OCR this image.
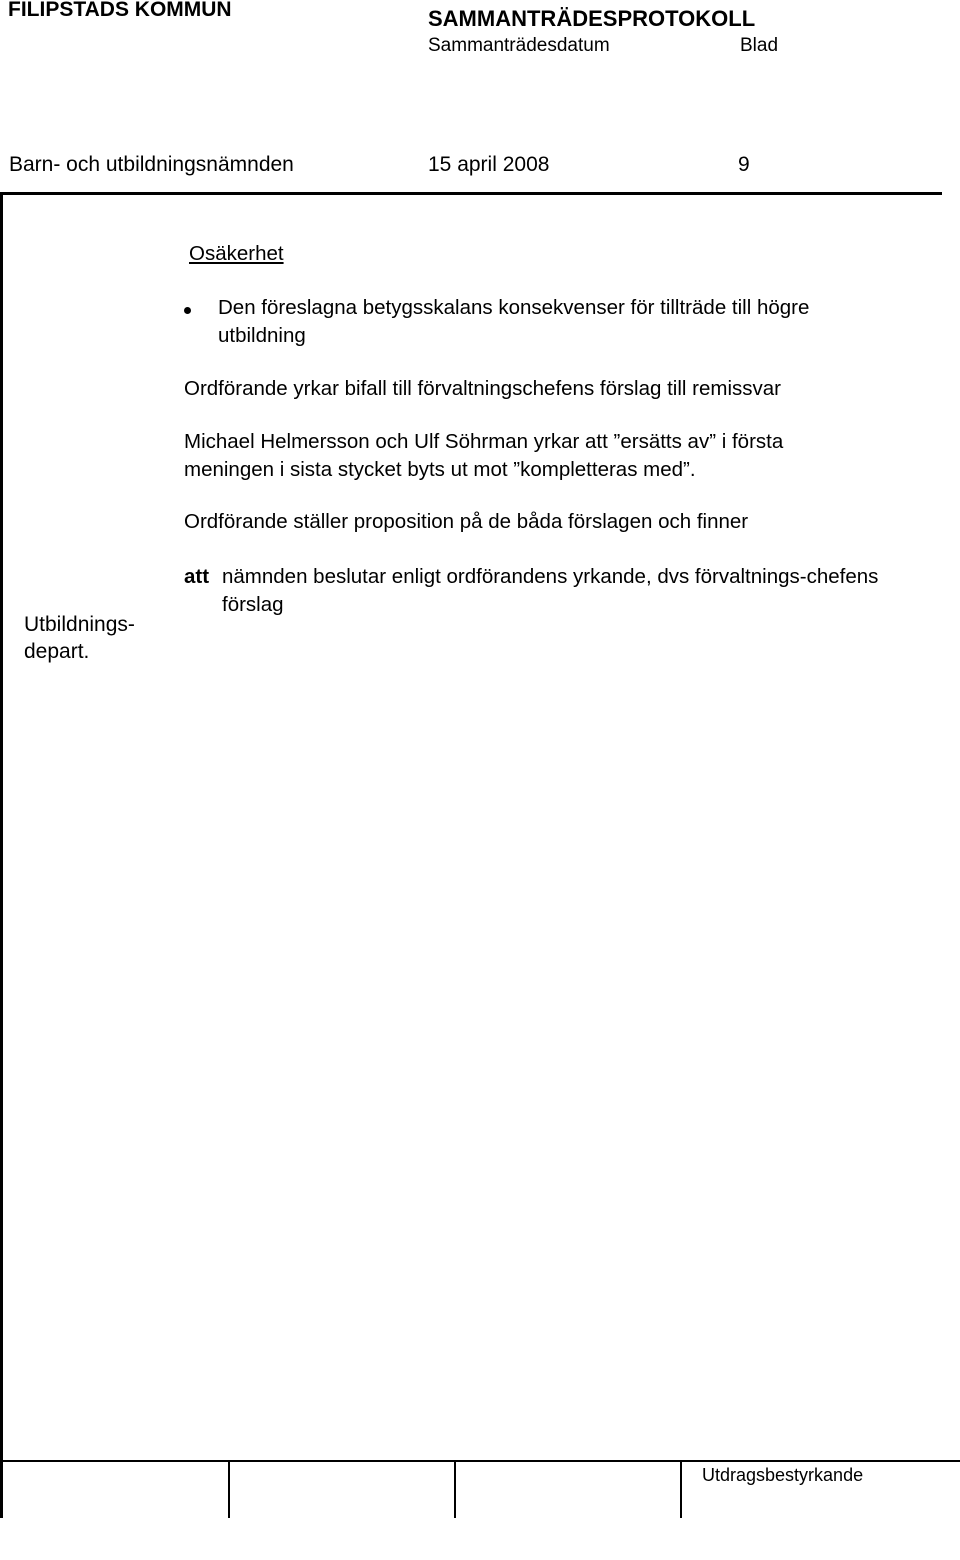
FILIPSTADS KOMMUN	SAMMANTRÄDESPROTOKOLL
Sammanträdesdatum	Blad
Barn- och utbildningsnämnden	15 april 2008	9
Osäkerhet
Den föreslagna betygsskalans konsekvenser för tillträde till högre utbildning
Ordförande yrkar bifall till förvaltningschefens förslag till remissvar
Michael Helmersson och Ulf Söhrman yrkar att ”ersätts av” i första meningen i sista stycket byts ut mot ”kompletteras med”.
Ordförande ställer proposition på de båda förslagen och finner
att nämnden beslutar enligt ordförandens yrkande, dvs förvaltnings-chefens förslag
Utbildnings-depart.
Utdragsbestyrkande
